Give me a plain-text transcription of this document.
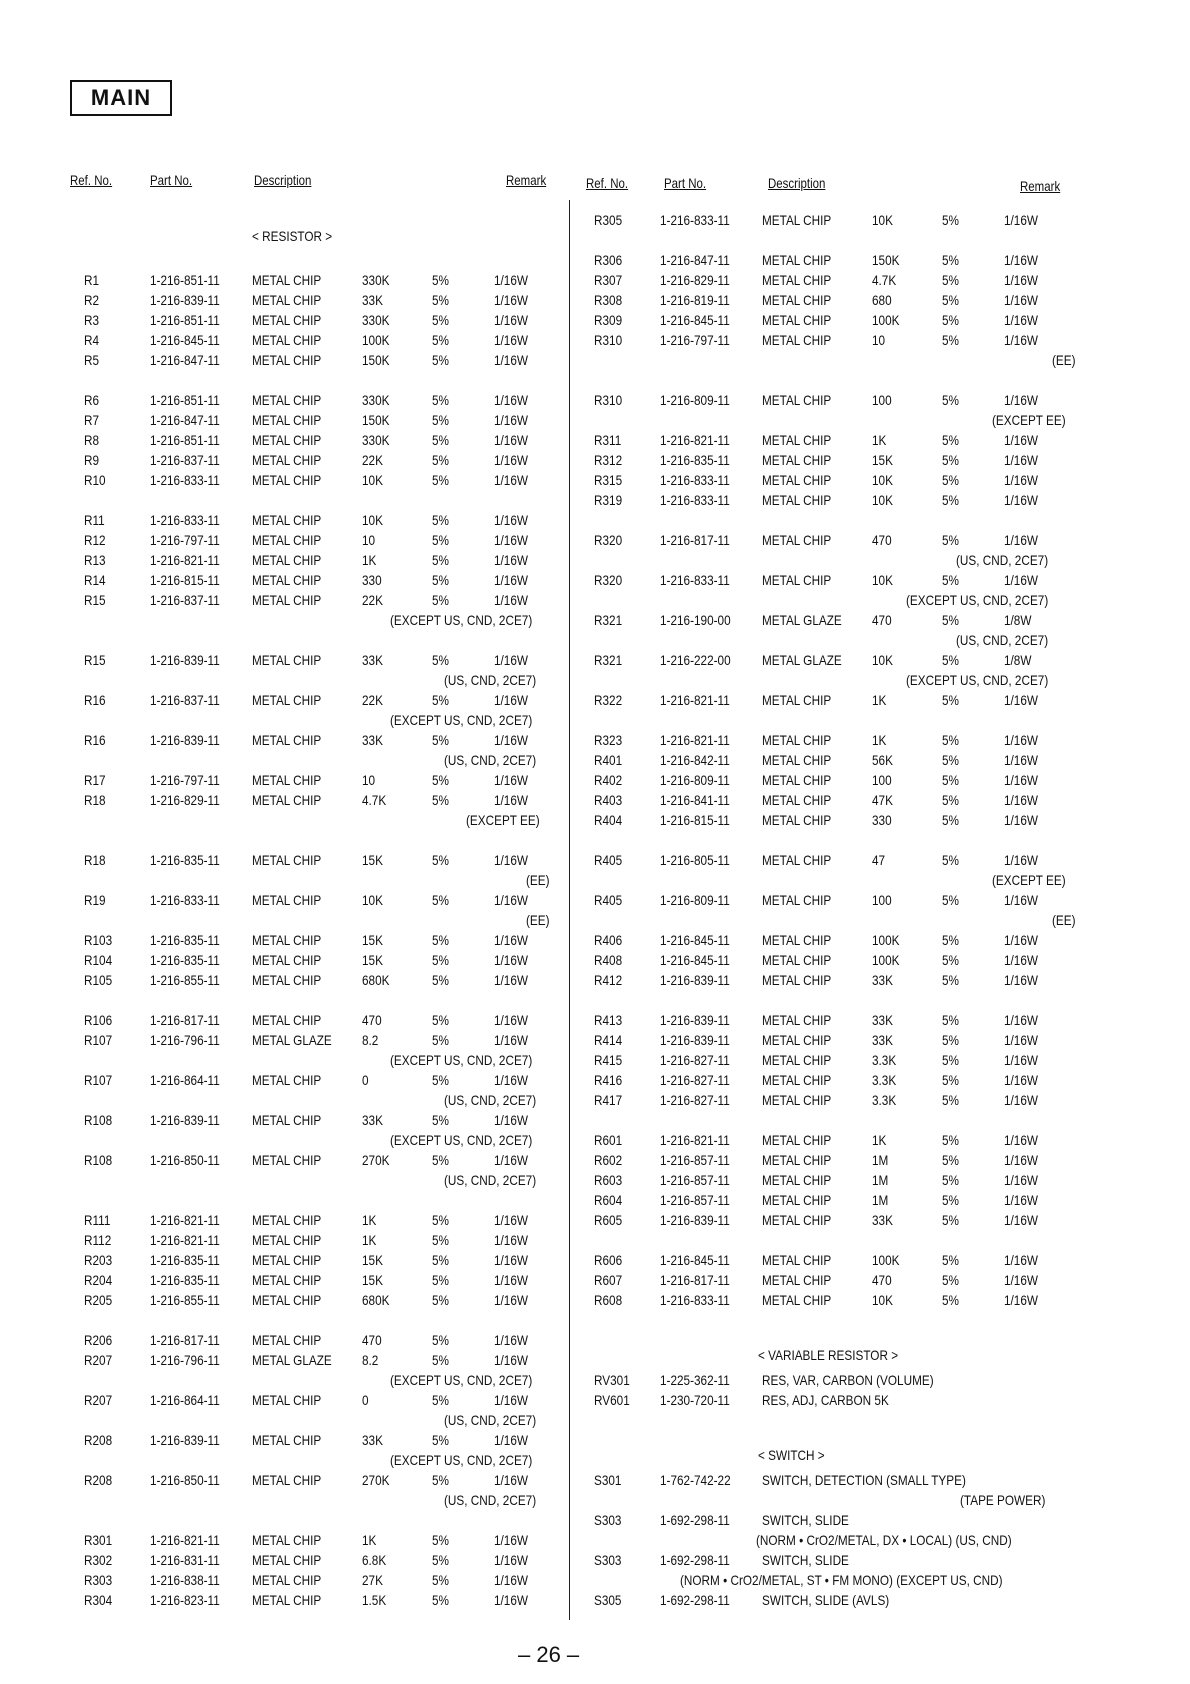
MAIN
Ref. No.	Part No.	Description	Remark	Ref. No.	Part No.	Description	Remark
< RESISTOR >
< VARIABLE RESISTOR >
< SWITCH >
R1	1-216-851-11 METAL CHIP	330K	5%	1/16W
R2	1-216-839-11 METAL CHIP	33K	5%	1/16W
R3	1-216-851-11 METAL CHIP	330K	5%	1/16W
R4	1-216-845-11 METAL CHIP	100K	5%	1/16W
R5	1-216-847-11 METAL CHIP	150K	5%	1/16W
R6	1-216-851-11 METAL CHIP	330K	5%	1/16W
R7	1-216-847-11 METAL CHIP	150K	5%	1/16W
R8	1-216-851-11 METAL CHIP	330K	5%	1/16W
R9	1-216-837-11 METAL CHIP	22K	5%	1/16W
R10	1-216-833-11 METAL CHIP	10K	5%	1/16W
R11	1-216-833-11 METAL CHIP	10K	5%	1/16W
R12	1-216-797-11 METAL CHIP	10	5%	1/16W
R13	1-216-821-11 METAL CHIP	1K	5%	1/16W
R14	1-216-815-11 METAL CHIP	330	5%	1/16W
R15	1-216-837-11 METAL CHIP	22K	5%	1/16W
(EXCEPT US, CND, 2CE7)
R15	1-216-839-11 METAL CHIP	33K	5%	1/16W
(US, CND, 2CE7)
R16	1-216-837-11 METAL CHIP	22K	5%	1/16W
(EXCEPT US, CND, 2CE7)
R16	1-216-839-11 METAL CHIP	33K	5%	1/16W
(US, CND, 2CE7)
R17	1-216-797-11 METAL CHIP	10	5%	1/16W
R18	1-216-829-11 METAL CHIP	4.7K	5%	1/16W
(EXCEPT EE)
R18	1-216-835-11 METAL CHIP	15K	5%	1/16W
(EE)
R19	1-216-833-11 METAL CHIP	10K	5%	1/16W
(EE)
R103	1-216-835-11 METAL CHIP	15K	5%	1/16W
R104	1-216-835-11 METAL CHIP	15K	5%	1/16W
R105	1-216-855-11 METAL CHIP	680K	5%	1/16W
R106	1-216-817-11 METAL CHIP	470	5%	1/16W
R107	1-216-796-11 METAL GLAZE 8.2	5%	1/16W
(EXCEPT US, CND, 2CE7)
R107	1-216-864-11 METAL CHIP	0	5%	1/16W
(US, CND, 2CE7)
R108	1-216-839-11 METAL CHIP	33K	5%	1/16W
(EXCEPT US, CND, 2CE7)
R108	1-216-850-11 METAL CHIP	270K	5%	1/16W
(US, CND, 2CE7)
R111	1-216-821-11 METAL CHIP	1K	5%	1/16W
R112	1-216-821-11 METAL CHIP	1K	5%	1/16W
R203	1-216-835-11 METAL CHIP	15K	5%	1/16W
R204	1-216-835-11 METAL CHIP	15K	5%	1/16W
R205	1-216-855-11 METAL CHIP	680K	5%	1/16W
R206	1-216-817-11 METAL CHIP	470	5%	1/16W
R207	1-216-796-11 METAL GLAZE 8.2	5%	1/16W
(EXCEPT US, CND, 2CE7)
R207	1-216-864-11 METAL CHIP	0	5%	1/16W
(US, CND, 2CE7)
R208	1-216-839-11 METAL CHIP	33K	5%	1/16W
(EXCEPT US, CND, 2CE7)
R208	1-216-850-11 METAL CHIP	270K	5%	1/16W
(US, CND, 2CE7)
R301	1-216-821-11 METAL CHIP	1K	5%	1/16W
R302	1-216-831-11 METAL CHIP	6.8K	5%	1/16W
R303	1-216-838-11 METAL CHIP	27K	5%	1/16W
R304	1-216-823-11 METAL CHIP	1.5K	5%	1/16W
R305	1-216-833-11 METAL CHIP	10K	5%	1/16W
R306	1-216-847-11 METAL CHIP	150K	5%	1/16W
R307	1-216-829-11 METAL CHIP	4.7K	5%	1/16W
R308	1-216-819-11 METAL CHIP	680	5%	1/16W
R309	1-216-845-11 METAL CHIP	100K	5%	1/16W
R310	1-216-797-11 METAL CHIP	10	5%	1/16W
(EE)
R310	1-216-809-11 METAL CHIP	100	5%	1/16W
(EXCEPT EE)
R311	1-216-821-11 METAL CHIP	1K	5%	1/16W
R312	1-216-835-11 METAL CHIP	15K	5%	1/16W
R315	1-216-833-11 METAL CHIP	10K	5%	1/16W
R319	1-216-833-11 METAL CHIP	10K	5%	1/16W
R320	1-216-817-11 METAL CHIP	470	5%	1/16W
(US, CND, 2CE7)
R320	1-216-833-11 METAL CHIP	10K	5%	1/16W
(EXCEPT US, CND, 2CE7)
R321	1-216-190-00 METAL GLAZE 470	5%	1/8W
(US, CND, 2CE7)
R321	1-216-222-00 METAL GLAZE 10K	5%	1/8W
(EXCEPT US, CND, 2CE7)
R322	1-216-821-11 METAL CHIP	1K	5%	1/16W
R323	1-216-821-11 METAL CHIP	1K	5%	1/16W
R401	1-216-842-11 METAL CHIP	56K	5%	1/16W
R402	1-216-809-11 METAL CHIP	100	5%	1/16W
R403	1-216-841-11 METAL CHIP	47K	5%	1/16W
R404	1-216-815-11 METAL CHIP	330	5%	1/16W
R405	1-216-805-11 METAL CHIP	47	5%	1/16W
(EXCEPT EE)
R405	1-216-809-11 METAL CHIP	100	5%	1/16W
(EE)
R406	1-216-845-11 METAL CHIP	100K	5%	1/16W
R408	1-216-845-11 METAL CHIP	100K	5%	1/16W
R412	1-216-839-11 METAL CHIP	33K	5%	1/16W
R413	1-216-839-11 METAL CHIP	33K	5%	1/16W
R414	1-216-839-11 METAL CHIP	33K	5%	1/16W
R415	1-216-827-11 METAL CHIP	3.3K	5%	1/16W
R416	1-216-827-11 METAL CHIP	3.3K	5%	1/16W
R417	1-216-827-11 METAL CHIP	3.3K	5%	1/16W
R601	1-216-821-11 METAL CHIP	1K	5%	1/16W
R602	1-216-857-11 METAL CHIP	1M	5%	1/16W
R603	1-216-857-11 METAL CHIP	1M	5%	1/16W
R604	1-216-857-11 METAL CHIP	1M	5%	1/16W
R605	1-216-839-11 METAL CHIP	33K	5%	1/16W
R606	1-216-845-11 METAL CHIP	100K	5%	1/16W
R607	1-216-817-11 METAL CHIP	470	5%	1/16W
R608	1-216-833-11 METAL CHIP	10K	5%	1/16W
RV301 1-225-362-11 RES, VAR, CARBON (VOLUME)
RV601 1-230-720-11 RES, ADJ, CARBON 5K
S301	1-762-742-22 SWITCH, DETECTION (SMALL TYPE)
(TAPE POWER)
S303	1-692-298-11 SWITCH, SLIDE
(NORM • CrO2/METAL, DX • LOCAL) (US, CND)
S303	1-692-298-11 SWITCH, SLIDE
(NORM • CrO2/METAL, ST • FM MONO) (EXCEPT US, CND)
S305	1-692-298-11 SWITCH, SLIDE (AVLS)
– 26 –
